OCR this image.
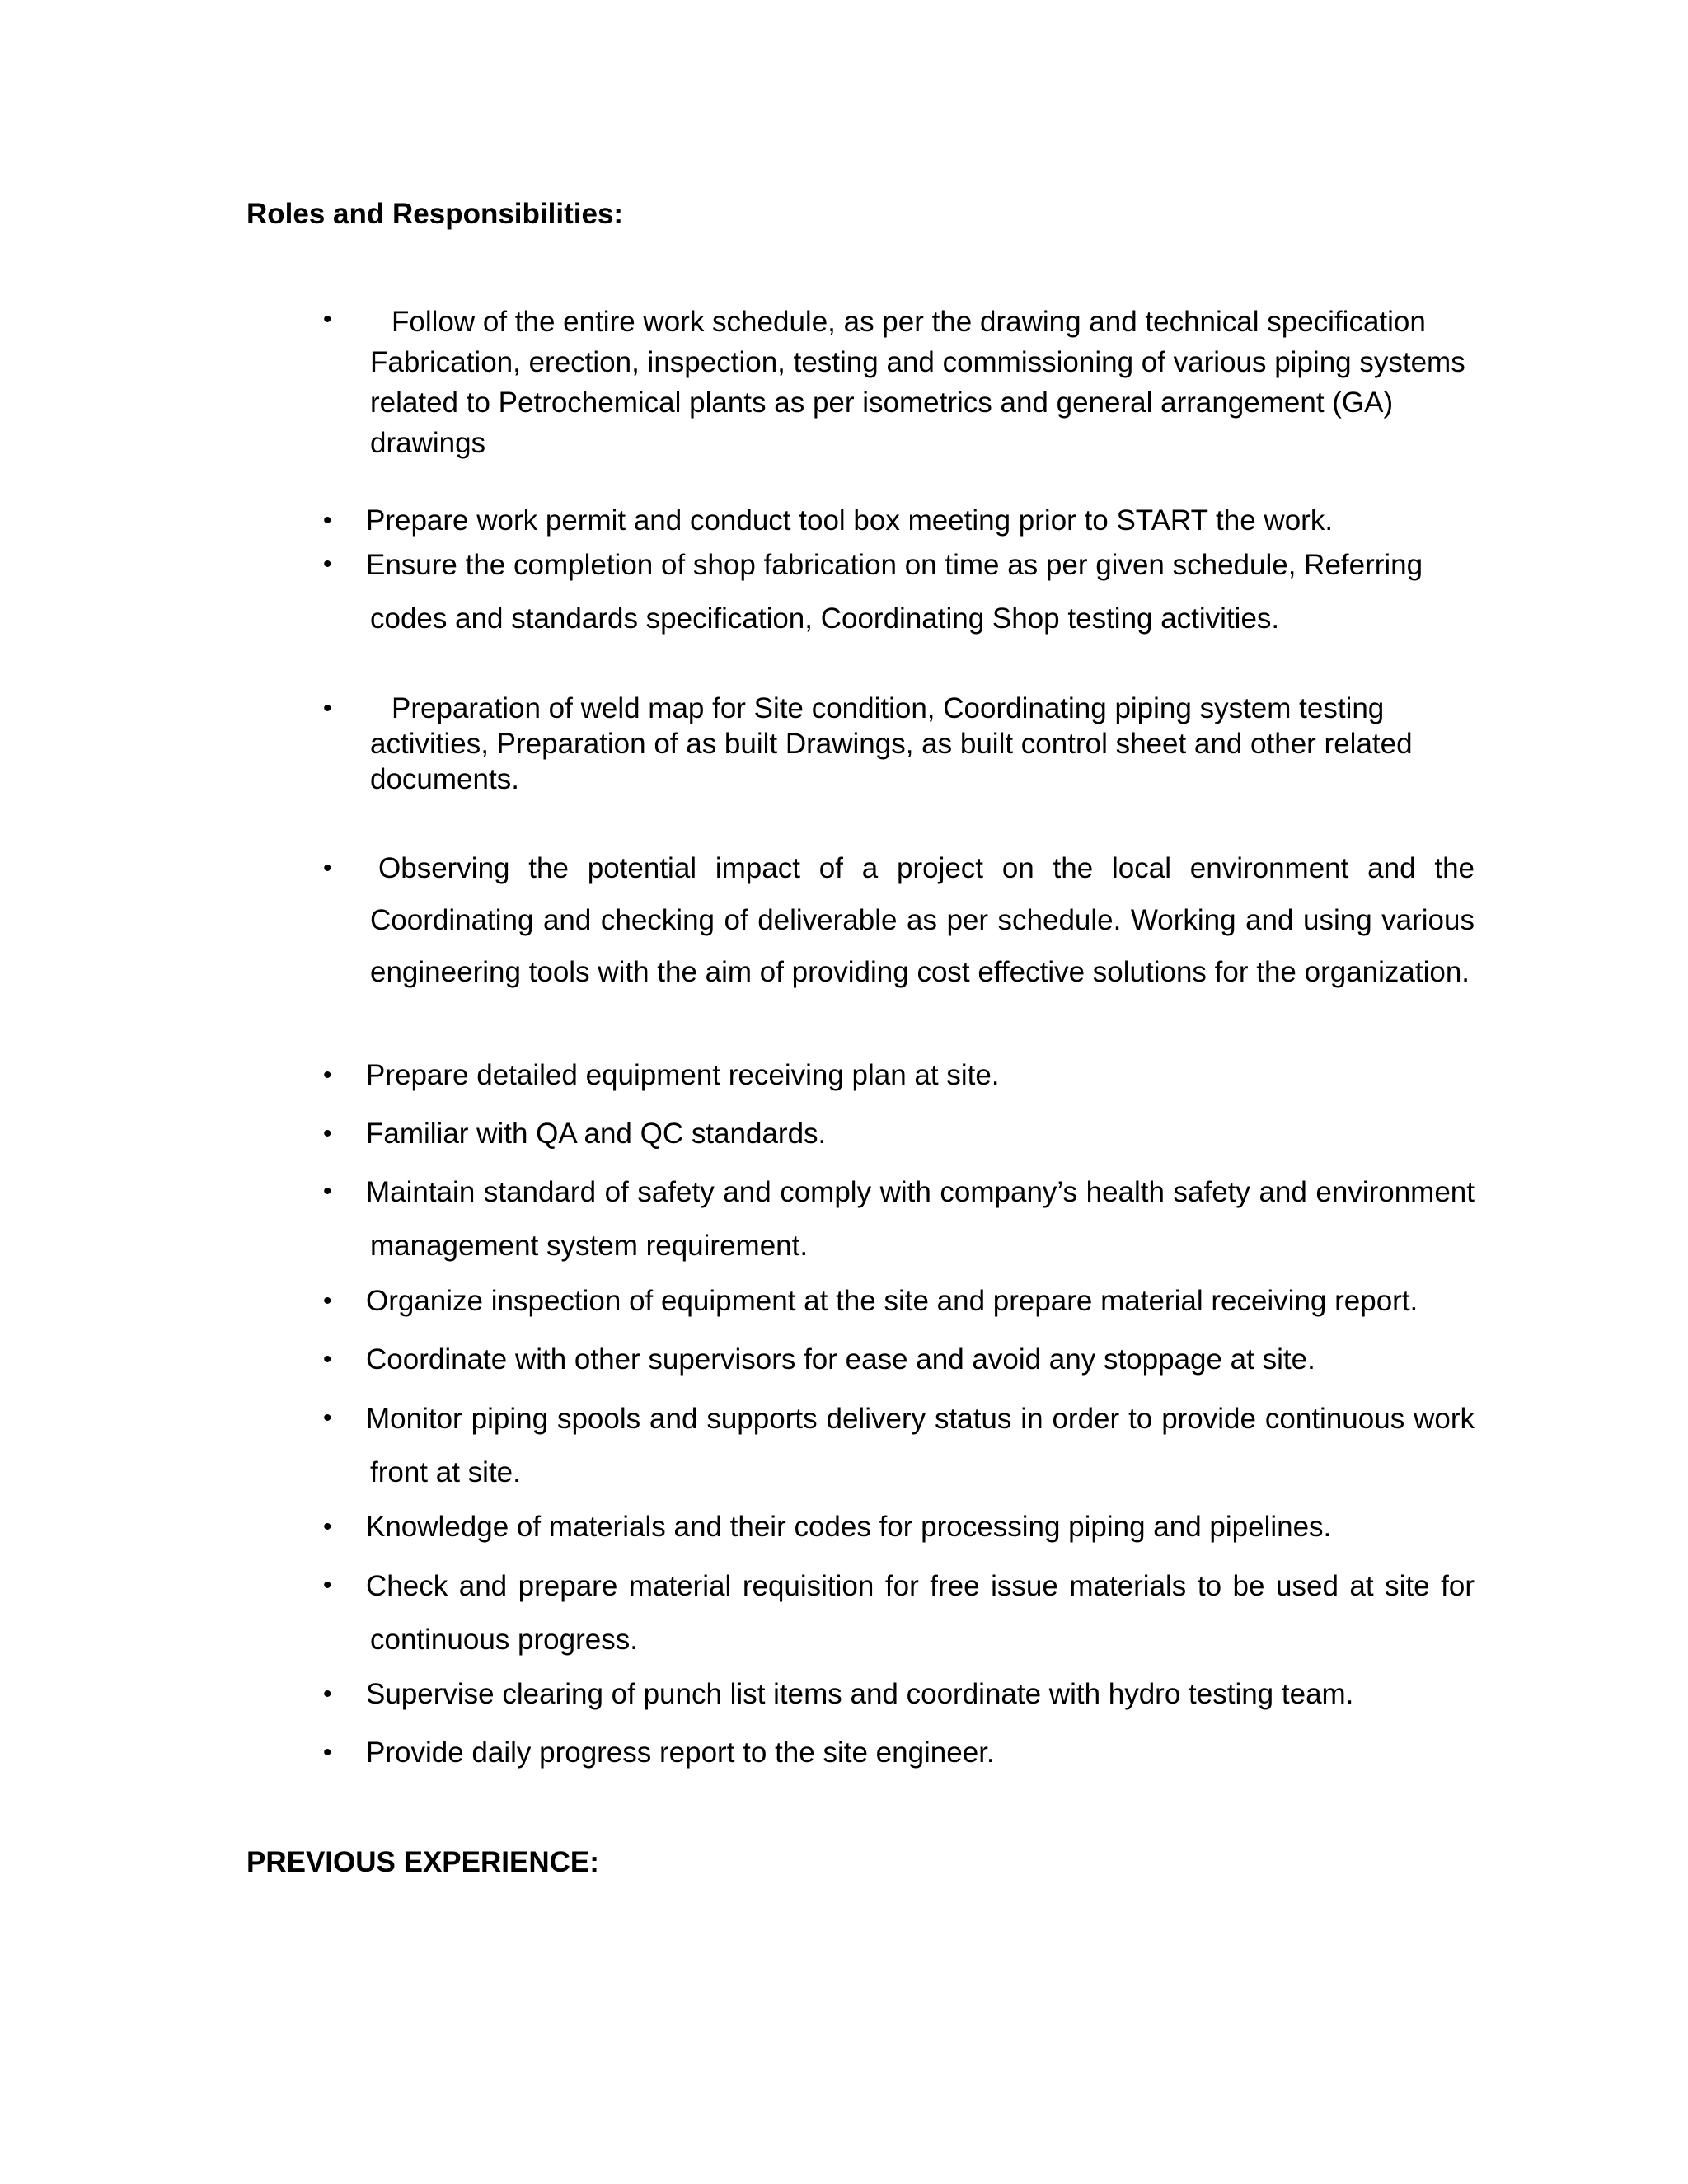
Roles and Responsibilities:
•	Follow of the entire work schedule, as per the drawing and technical specification Fabrication, erection, inspection, testing and commissioning of various piping systems related to Petrochemical plants as per isometrics and general arrangement (GA) drawings

•	Prepare work permit and conduct tool box meeting prior to START the work.

•	Ensure the completion of shop fabrication on time as per given schedule, Referring codes and standards specification, Coordinating Shop testing activities.

•	Preparation of weld map for Site condition, Coordinating piping system testing activities, Preparation of as built Drawings, as built control sheet and other related documents.

•	Observing the potential impact of a project on the local environment and the Coordinating and checking of deliverable as per schedule. Working and using various engineering tools with the aim of providing cost effective solutions for the organization.

•	Prepare detailed equipment receiving plan at site.

•	Familiar with QA and QC standards.

•	Maintain standard of safety and comply with company’s health safety and environment management system requirement.

•	Organize inspection of equipment at the site and prepare material receiving report.

•	Coordinate with other supervisors for ease and avoid any stoppage at site.

•	Monitor piping spools and supports delivery status in order to provide continuous work front at site.

•	Knowledge of materials and their codes for processing piping and pipelines.

•	Check and prepare material requisition for free issue materials to be used at site for continuous progress.

•	Supervise clearing of punch list items and coordinate with hydro testing team.

•	Provide daily progress report to the site engineer.

PREVIOUS EXPERIENCE:
